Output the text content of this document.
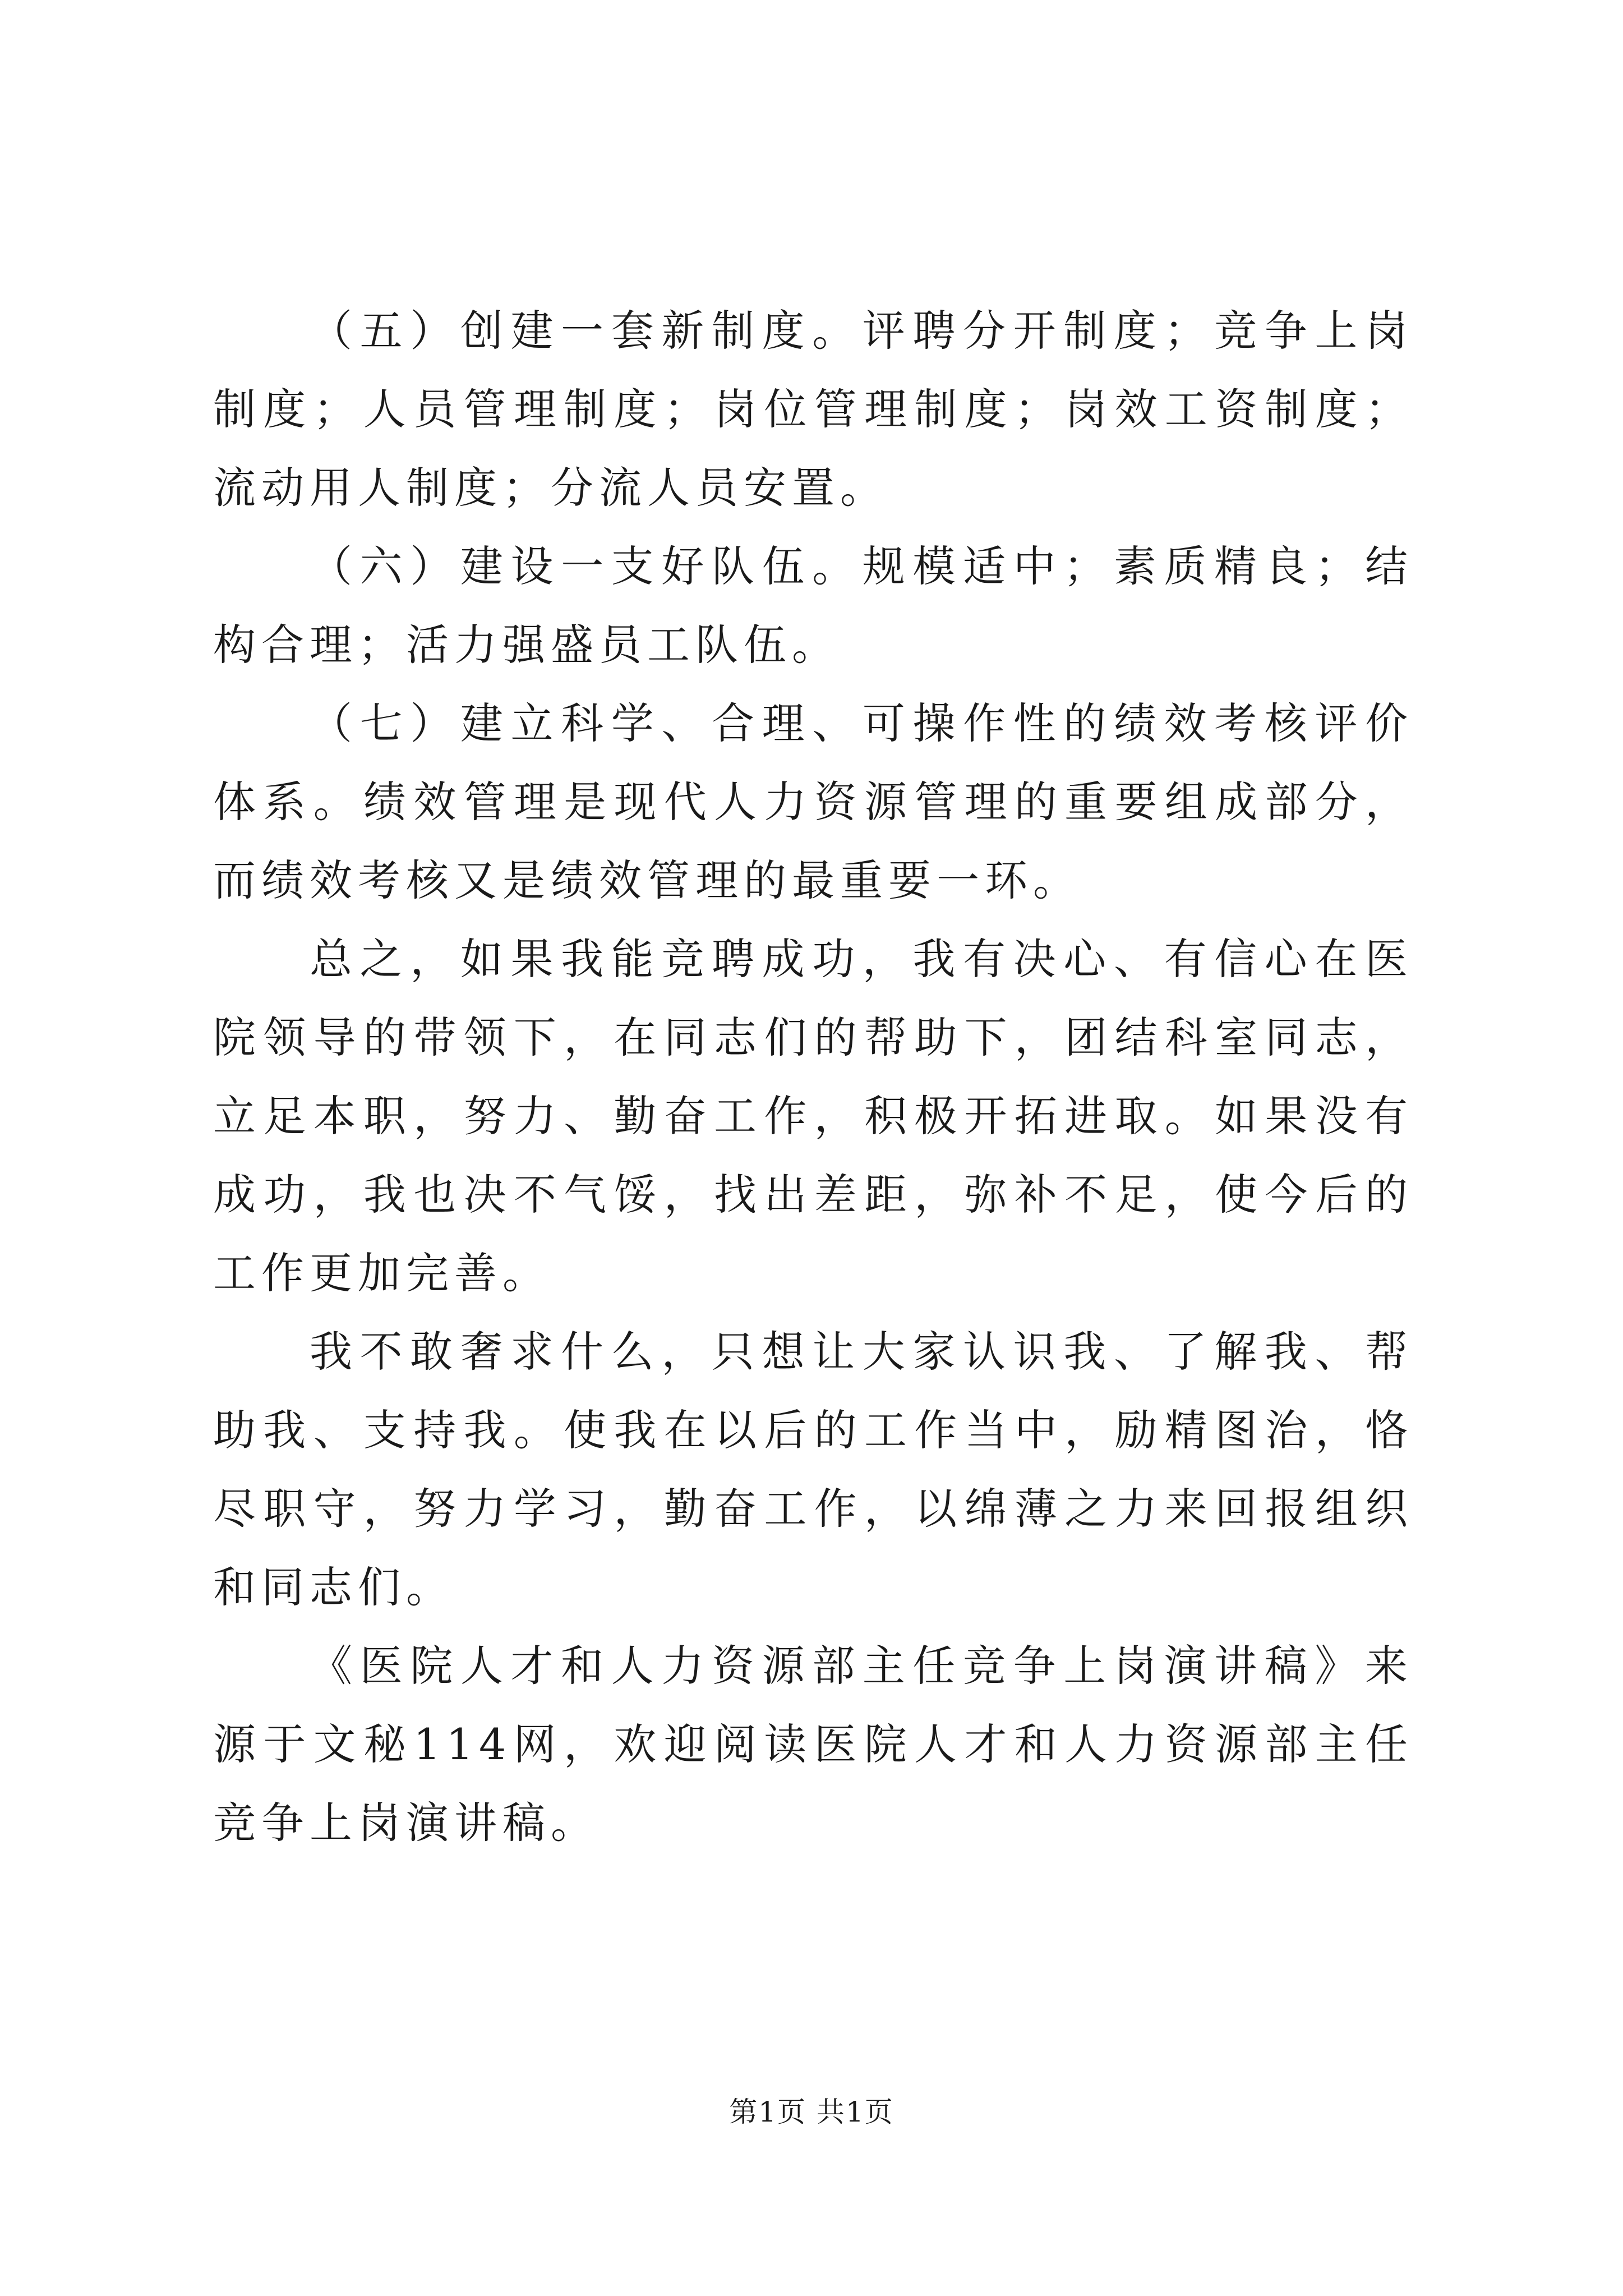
（五）创建一套新制度。评聘分开制度；竞争上岗制度；人员管理制度；岗位管理制度；岗效工资制度；流动用人制度；分流人员安置。

（六）建设一支好队伍。规模适中；素质精良；结构合理；活力强盛员工队伍。

（七）建立科学、合理、可操作性的绩效考核评价体系。绩效管理是现代人力资源管理的重要组成部分，而绩效考核又是绩效管理的最重要一环。

总之，如果我能竞聘成功，我有决心、有信心在医院领导的带领下，在同志们的帮助下，团结科室同志，立足本职，努力、勤奋工作，积极开拓进取。如果没有成功，我也决不气馁，找出差距，弥补不足，使今后的工作更加完善。

我不敢奢求什么，只想让大家认识我、了解我、帮助我、支持我。使我在以后的工作当中，励精图治，恪尽职守，努力学习，勤奋工作，以绵薄之力来回报组织和同志们。

《医院人才和人力资源部主任竞争上岗演讲稿》来源于文秘114网，欢迎阅读医院人才和人力资源部主任竞争上岗演讲稿。

第1页 共1页
